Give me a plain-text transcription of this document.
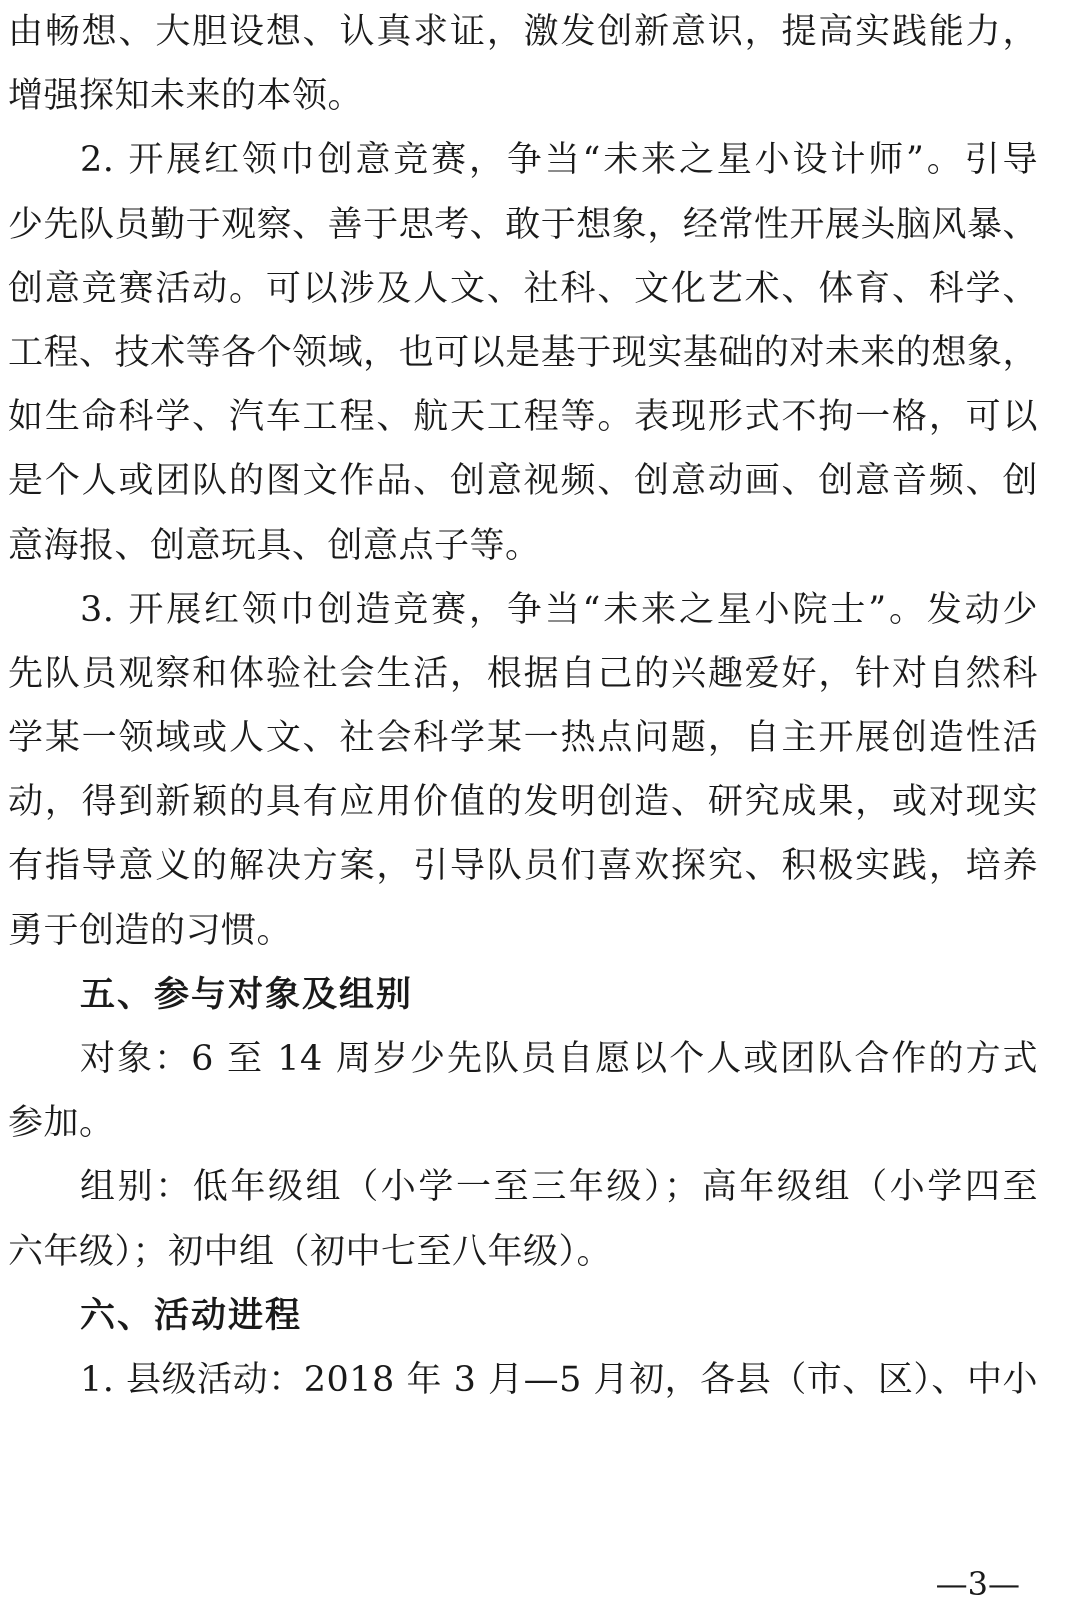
由畅想、大胆设想、认真求证，激发创新意识，提高实践能力，
增强探知未来的本领。
2. 开展红领巾创意竞赛，争当“未来之星小设计师”。引导
少先队员勤于观察、善于思考、敢于想象，经常性开展头脑风暴、
创意竞赛活动。可以涉及人文、社科、文化艺术、体育、科学、
工程、技术等各个领域，也可以是基于现实基础的对未来的想象，
如生命科学、汽车工程、航天工程等。表现形式不拘一格，可以
是个人或团队的图文作品、创意视频、创意动画、创意音频、创
意海报、创意玩具、创意点子等。
3. 开展红领巾创造竞赛，争当“未来之星小院士”。发动少
先队员观察和体验社会生活，根据自己的兴趣爱好，针对自然科
学某一领域或人文、社会科学某一热点问题，自主开展创造性活
动，得到新颖的具有应用价值的发明创造、研究成果，或对现实
有指导意义的解决方案，引导队员们喜欢探究、积极实践，培养
勇于创造的习惯。
五、参与对象及组别
对象：6 至 14 周岁少先队员自愿以个人或团队合作的方式
参加。
组别：低年级组（小学一至三年级）；高年级组（小学四至
六年级）；初中组（初中七至八年级）。
六、活动进程
1. 县级活动：2018 年 3 月—5 月初，各县（市、区）、中小
—3—
